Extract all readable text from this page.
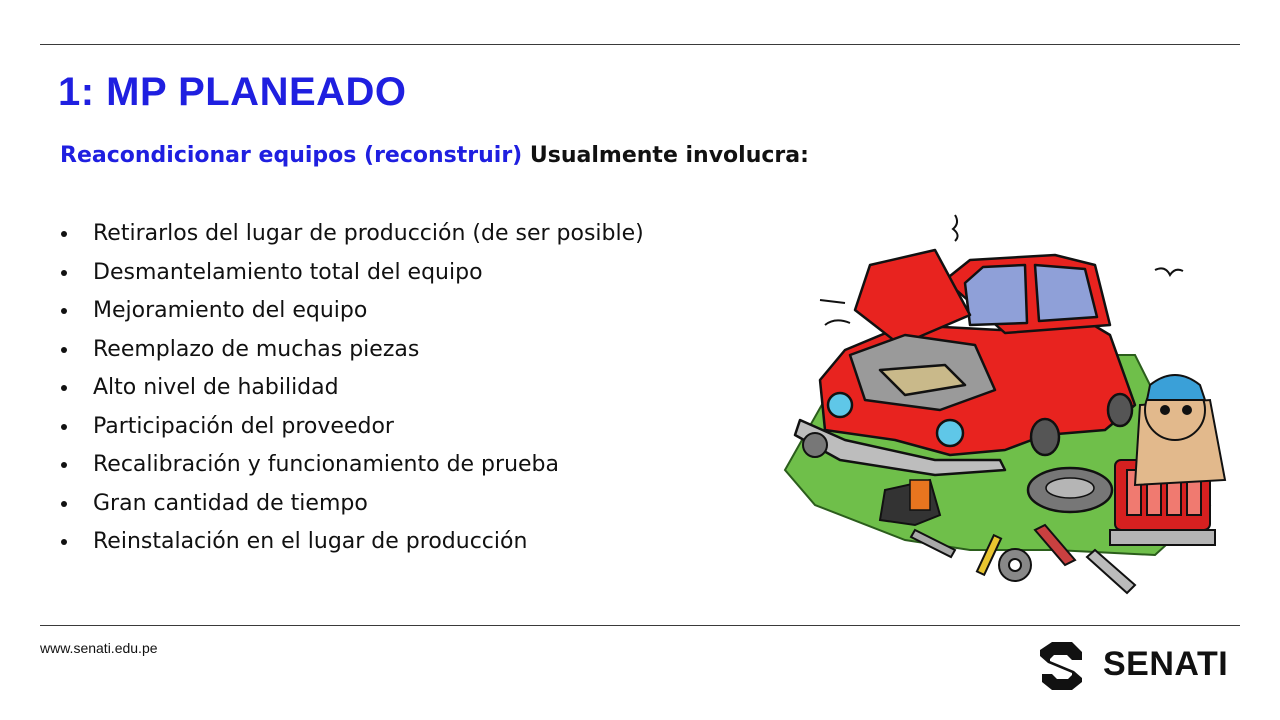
1: MP PLANEADO
Reacondicionar equipos (reconstruir) Usualmente involucra:
Retirarlos del lugar de producción (de ser posible)
Desmantelamiento total del equipo
Mejoramiento del equipo
Reemplazo de muchas piezas
Alto nivel de habilidad
Participación del proveedor
Recalibración y funcionamiento de prueba
Gran cantidad de tiempo
Reinstalación en el lugar de producción
www.senati.edu.pe	SENATI
